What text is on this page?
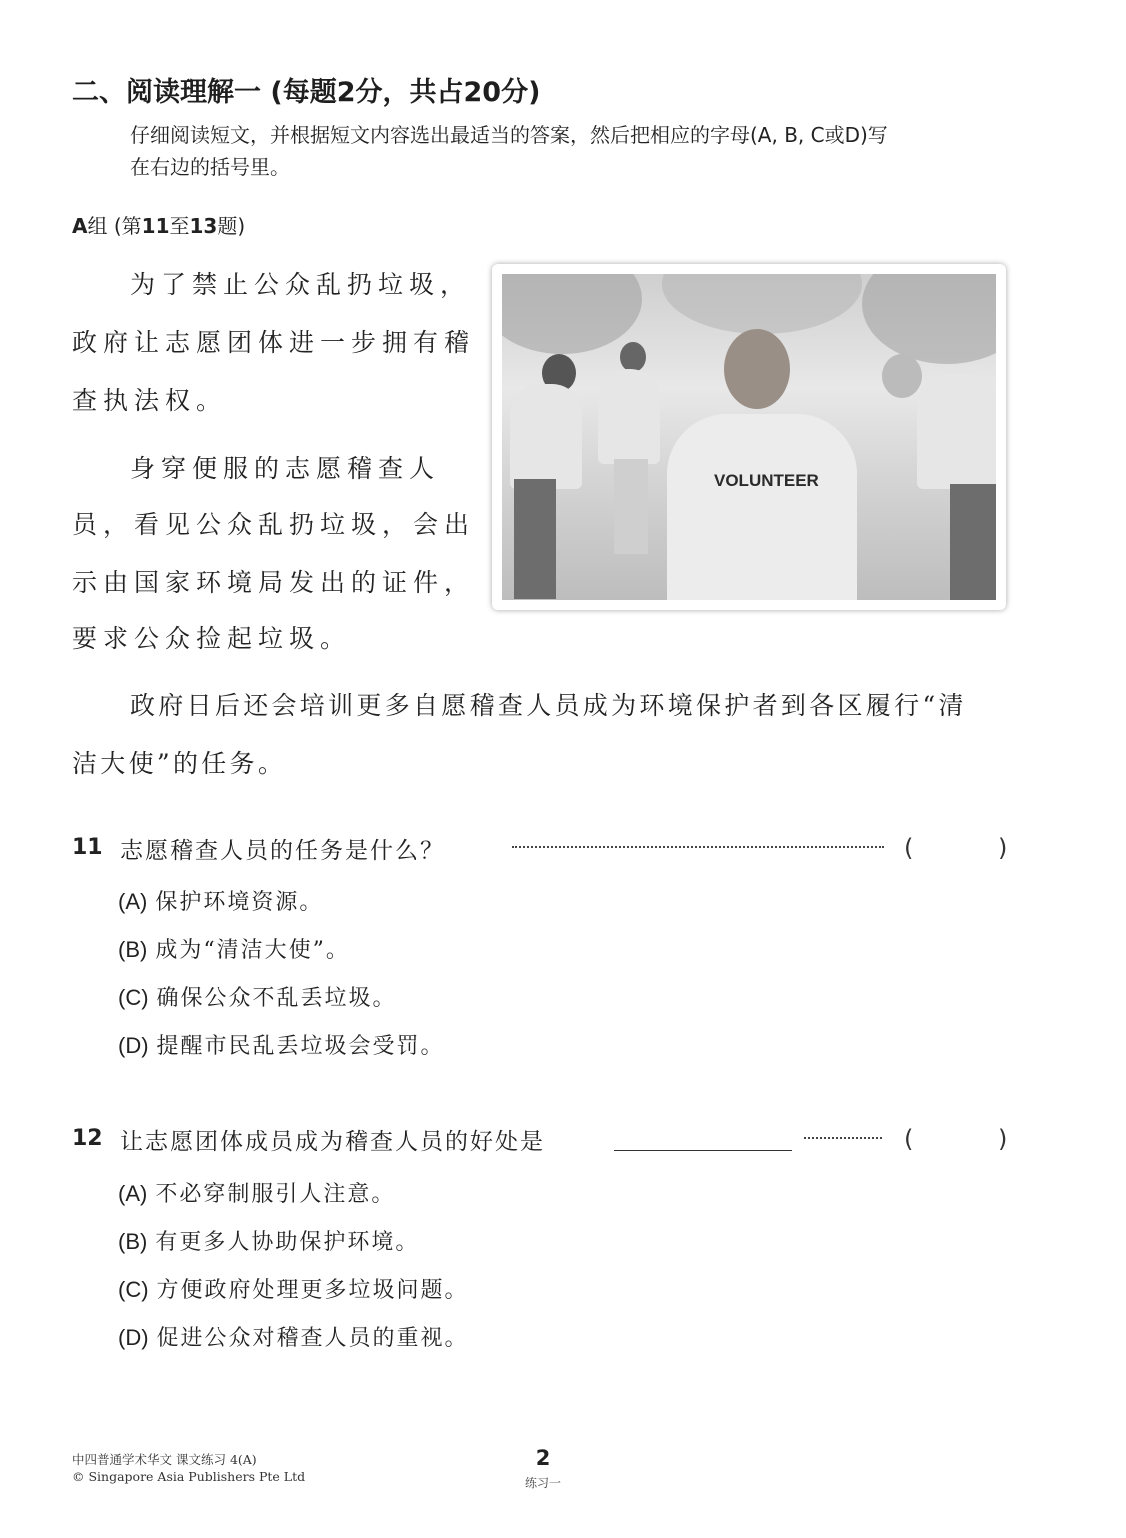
二、阅读理解一 (每题2分，共占20分)
仔细阅读短文，并根据短文内容选出最适当的答案，然后把相应的字母(A, B, C或D)写
在右边的括号里。
A组 (第11至13题)
为了禁止公众乱扔垃圾，
政府让志愿团体进一步拥有稽
查执法权。
身穿便服的志愿稽查人
员，看见公众乱扔垃圾，会出
示由国家环境局发出的证件，
要求公众捡起垃圾。
政府日后还会培训更多自愿稽查人员成为环境保护者到各区履行“清
洁大使”的任务。
VOLUNTEER
11 志愿稽查人员的任务是什么？	(	)
(A) 保护环境资源。
(B) 成为“清洁大使”。
(C) 确保公众不乱丢垃圾。
(D) 提醒市民乱丢垃圾会受罚。
12 让志愿团体成员成为稽查人员的好处是	(	)
(A) 不必穿制服引人注意。
(B) 有更多人协助保护环境。
(C) 方便政府处理更多垃圾问题。
(D) 促进公众对稽查人员的重视。
中四普通学术华文 课文练习 4(A)
© Singapore Asia Publishers Pte Ltd
2
练习一
